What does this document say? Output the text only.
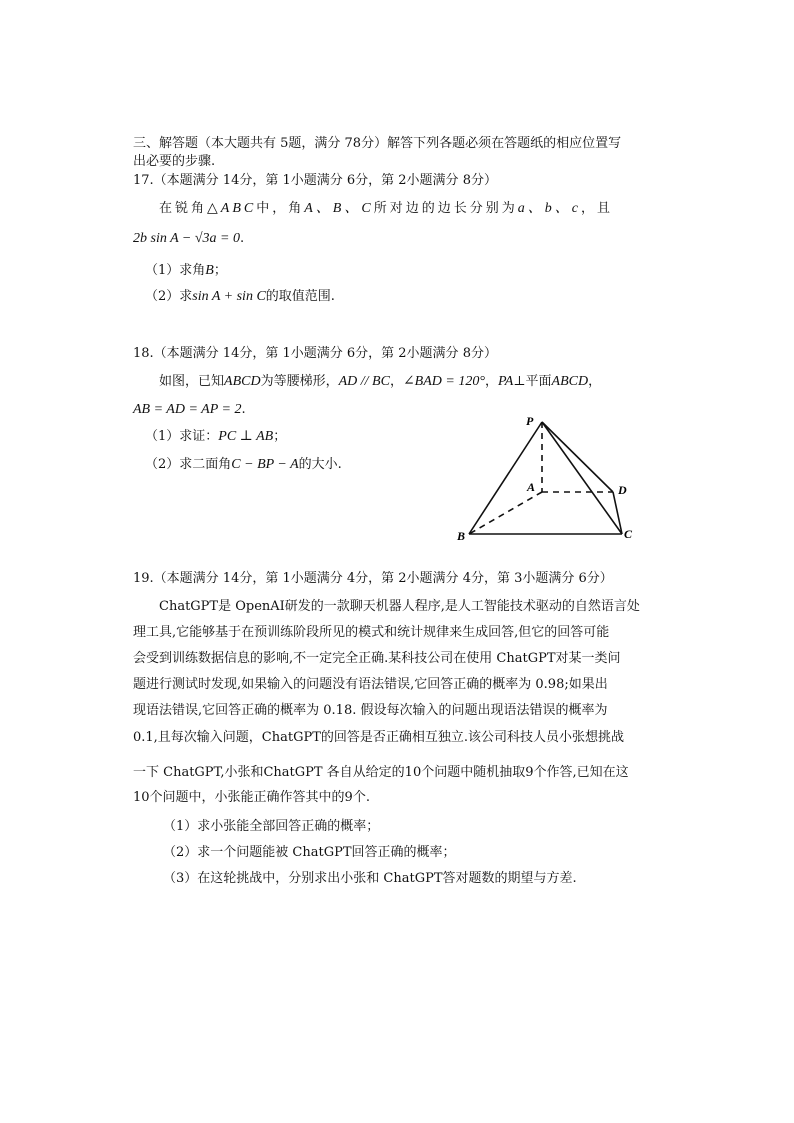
三、解答题（本大题共有 5题，满分 78分）解答下列各题必须在答题纸的相应位置写
出必要的步骤.
17.（本题满分 14分，第 1小题满分 6分，第 2小题满分 8分）
在锐角△ABC中，角A、B、C所对边的边长分别为a、b、c，且
2b sin A − √3a = 0.
（1）求角B；
（2）求sin A + sin C的取值范围.
18.（本题满分 14分，第 1小题满分 6分，第 2小题满分 8分）
如图，已知ABCD为等腰梯形，AD // BC，∠BAD = 120°，PA⊥平面ABCD，
AB = AD = AP = 2.
（1）求证：PC ⊥ AB；
（2）求二面角C − BP − A的大小.
P
A
B	C
D
19.（本题满分 14分，第 1小题满分 4分，第 2小题满分 4分，第 3小题满分 6分）
ChatGPT是 OpenAI研发的一款聊天机器人程序,是人工智能技术驱动的自然语言处
理工具,它能够基于在预训练阶段所见的模式和统计规律来生成回答,但它的回答可能
会受到训练数据信息的影响,不一定完全正确.某科技公司在使用 ChatGPT对某一类问
题进行测试时发现,如果输入的问题没有语法错误,它回答正确的概率为 0.98;如果出
现语法错误,它回答正确的概率为 0.18. 假设每次输入的问题出现语法错误的概率为
0.1,且每次输入问题，ChatGPT的回答是否正确相互独立.该公司科技人员小张想挑战
一下 ChatGPT,小张和ChatGPT 各自从给定的10个问题中随机抽取9个作答,已知在这
10个问题中，小张能正确作答其中的9个.
（1）求小张能全部回答正确的概率；
（2）求一个问题能被 ChatGPT回答正确的概率；
（3）在这轮挑战中，分别求出小张和 ChatGPT答对题数的期望与方差.
